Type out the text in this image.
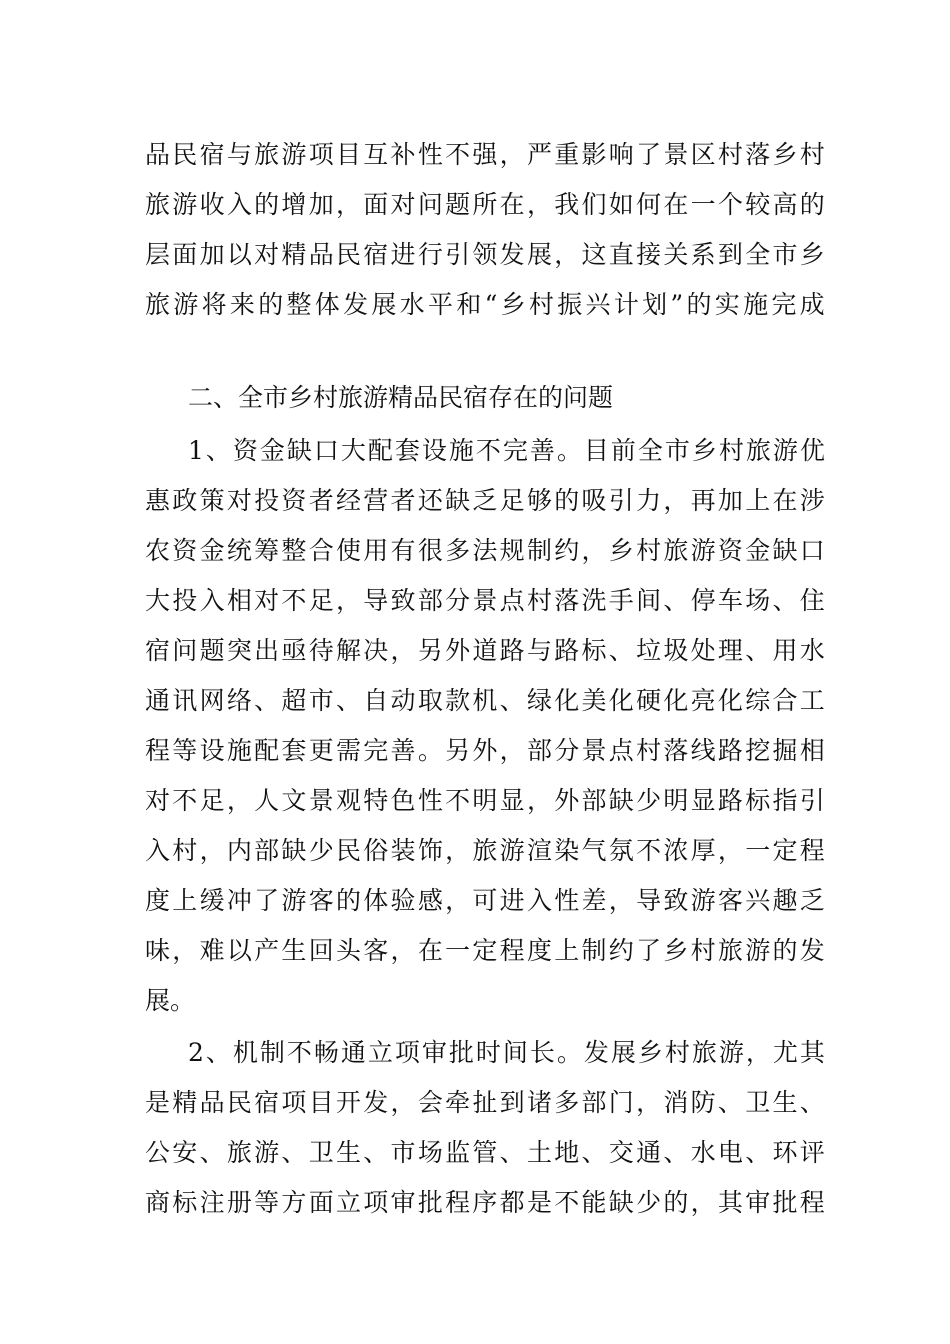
品 民 宿 与 旅 游 项 目 互 补 性 不 强 ， 严 重 影 响 了 景 区 村 落 乡 村
旅 游 收 入 的 增 加 ， 面 对 问 题 所 在 ， 我 们 如 何 在 一 个 较 高 的
层 面 加 以 对 精 品 民 宿 进 行 引 领 发 展 ， 这 直 接 关 系 到 全 市 乡
旅 游 将 来 的 整 体 发 展 水 平 和 “ 乡 村 振 兴 计 划 ” 的 实 施 完 成
二、全市乡村旅游精品民宿存在的问题
1 、 资 金 缺 口 大 配 套 设 施 不 完 善 。 目 前 全 市 乡 村 旅 游 优
惠 政 策 对 投 资 者 经 营 者 还 缺 乏 足 够 的 吸 引 力 ， 再 加 上 在 涉
农 资 金 统 筹 整 合 使 用 有 很 多 法 规 制 约 ， 乡 村 旅 游 资 金 缺 口
大 投 入 相 对 不 足 ， 导 致 部 分 景 点 村 落 洗 手 间 、 停 车 场 、 住
宿 问 题 突 出 亟 待 解 决 ， 另 外 道 路 与 路 标 、 垃 圾 处 理 、 用 水
通 讯 网 络 、 超 市 、 自 动 取 款 机 、 绿 化 美 化 硬 化 亮 化 综 合 工
程 等 设 施 配 套 更 需 完 善 。 另 外 ， 部 分 景 点 村 落 线 路 挖 掘 相
对 不 足 ， 人 文 景 观 特 色 性 不 明 显 ， 外 部 缺 少 明 显 路 标 指 引
入 村 ， 内 部 缺 少 民 俗 装 饰 ， 旅 游 渲 染 气 氛 不 浓 厚 ， 一 定 程
度 上 缓 冲 了 游 客 的 体 验 感 ， 可 进 入 性 差 ， 导 致 游 客 兴 趣 乏
味 ， 难 以 产 生 回 头 客 ， 在 一 定 程 度 上 制 约 了 乡 村 旅 游 的 发
展。
2 、 机 制 不 畅 通 立 项 审 批 时 间 长 。 发 展 乡 村 旅 游 ， 尤 其
是 精 品 民 宿 项 目 开 发 ， 会 牵 扯 到 诸 多 部 门 ， 消 防 、 卫 生 、
公 安 、 旅 游 、 卫 生 、 市 场 监 管 、 土 地 、 交 通 、 水 电 、 环 评
商 标 注 册 等 方 面 立 项 审 批 程 序 都 是 不 能 缺 少 的 ， 其 审 批 程
